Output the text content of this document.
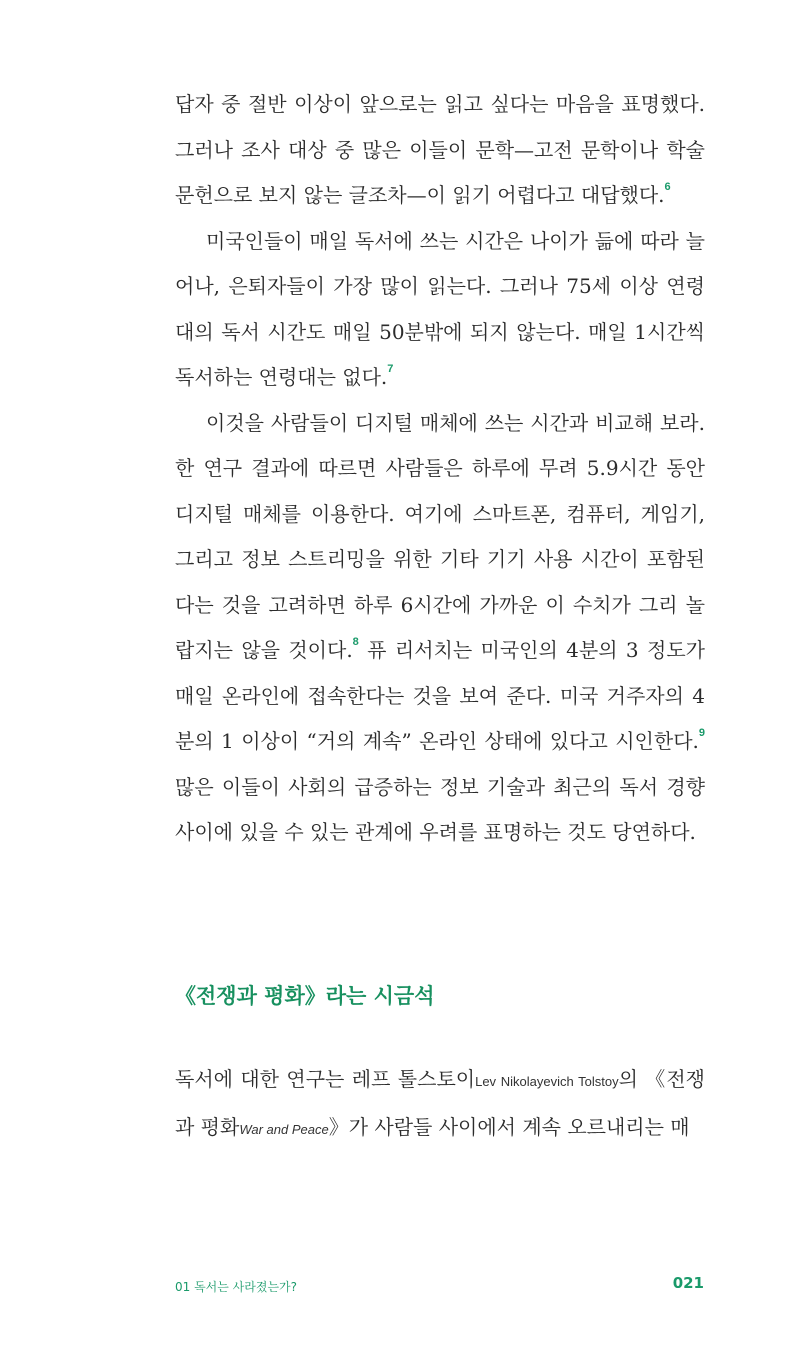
답자 중 절반 이상이 앞으로는 읽고 싶다는 마음을 표명했다. 그러나 조사 대상 중 많은 이들이 문학—고전 문학이나 학술 문헌으로 보지 않는 글조차—이 읽기 어렵다고 대답했다.$^6$

미국인들이 매일 독서에 쓰는 시간은 나이가 듦에 따라 늘어나, 은퇴자들이 가장 많이 읽는다. 그러나 75세 이상 연령대의 독서 시간도 매일 50분밖에 되지 않는다. 매일 1시간씩 독서하는 연령대는 없다.$^7$

이것을 사람들이 디지털 매체에 쓰는 시간과 비교해 보라. 한 연구 결과에 따르면 사람들은 하루에 무려 5.9시간 동안 디지털 매체를 이용한다. 여기에 스마트폰, 컴퓨터, 게임기, 그리고 정보 스트리밍을 위한 기타 기기 사용 시간이 포함된다는 것을 고려하면 하루 6시간에 가까운 이 수치가 그리 놀랍지는 않을 것이다.$^8$ 퓨 리서치는 미국인의 4분의 3 정도가 매일 온라인에 접속한다는 것을 보여 준다. 미국 거주자의 4분의 1 이상이 “거의 계속” 온라인 상태에 있다고 시인한다.$^9$ 많은 이들이 사회의 급증하는 정보 기술과 최근의 독서 경향 사이에 있을 수 있는 관계에 우려를 표명하는 것도 당연하다.

《전쟁과 평화》라는 시금석

독서에 대한 연구는 레프 톨스토이Lev Nikolayevich Tolstoy의 《전쟁과 평화War and Peace》가 사람들 사이에서 계속 오르내리는 매

01 독서는 사라졌는가?	021
